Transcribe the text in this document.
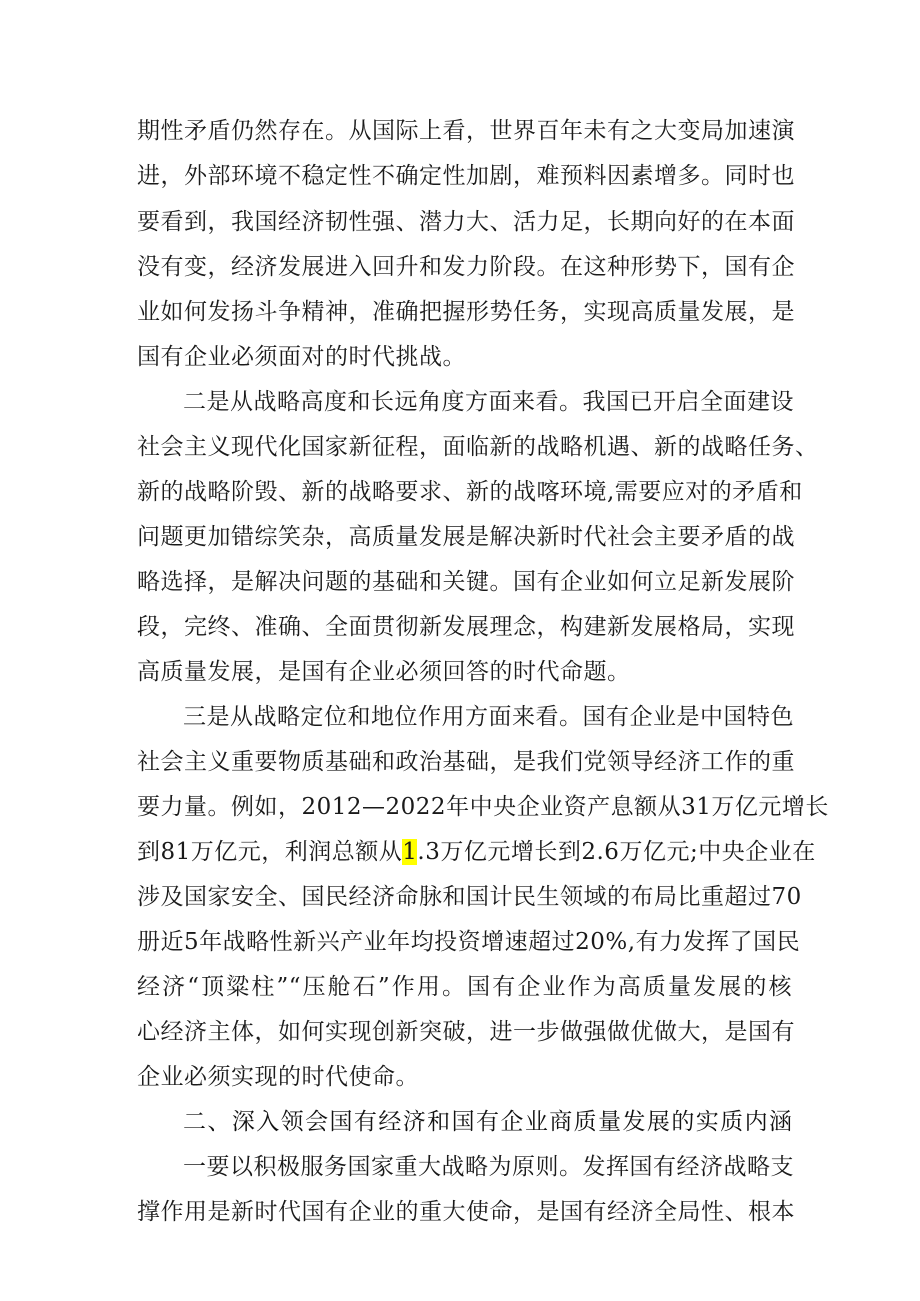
期性矛盾仍然存在。从国际上看，世界百年未有之大变局加速演
进，外部环境不稳定性不确定性加剧，难预料因素增多。同时也
要看到，我国经济韧性强、潜力大、活力足，长期向好的在本面
没有变，经济发展进入回升和发力阶段。在这种形势下，国有企
业如何发扬斗争精神，准确把握形势任务，实现高质量发展，是
国有企业必须面对的时代挑战。
二是从战略高度和长远角度方面来看。我国已开启全面建设
社会主义现代化国家新征程，面临新的战略机遇、新的战略任务、
新的战略阶毁、新的战略要求、新的战喀环境,需要应对的矛盾和
问题更加错综笑杂，高质量发展是解决新时代社会主要矛盾的战
略选择，是解决问题的基础和关键。国有企业如何立足新发展阶
段，完终、准确、全面贯彻新发展理念，构建新发展格局，实现
高质量发展，是国有企业必须回答的时代命题。
三是从战略定位和地位作用方面来看。国有企业是中国特色
社会主义重要物质基础和政治基础，是我们党领导经济工作的重
要力量。例如，2012—2022年中央企业资产息额从31万亿元增长
到81万亿元，利润总额从1.3万亿元增长到2.6万亿元;中央企业在
涉及国家安全、国民经济命脉和国计民生领域的布局比重超过70
册近5年战略性新兴产业年均投资增速超过20%,有力发挥了国民
经济“顶粱柱”“压舱石”作用。国有企业作为高质量发展的核
心经济主体，如何实现创新突破，进一步做强做优做大，是国有
企业必须实现的时代使命。
二、深入领会国有经济和国有企业商质量发展的实质内涵
一要以积极服务国家重大战略为原则。发挥国有经济战略支
撑作用是新时代国有企业的重大使命，是国有经济全局性、根本
